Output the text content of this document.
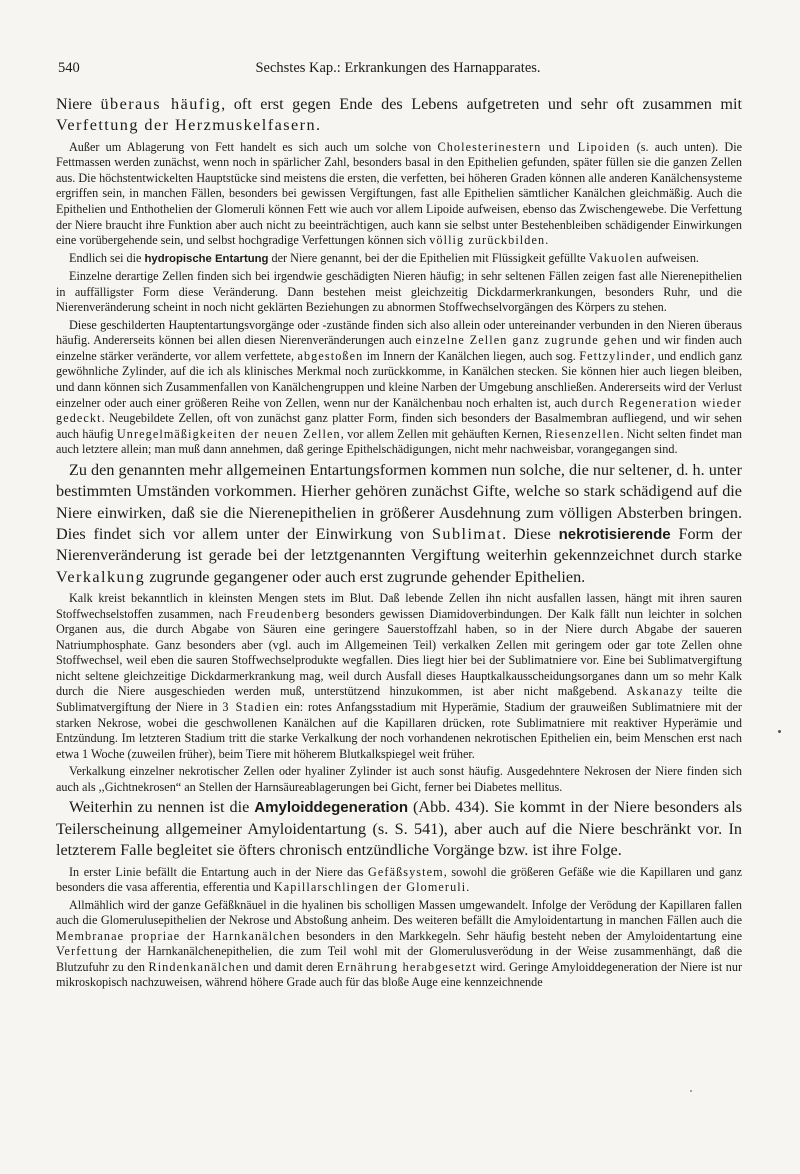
540	Sechstes Kap.: Erkrankungen des Harnapparates.

Niere überaus häufig, oft erst gegen Ende des Lebens aufgetreten und sehr oft zusammen mit Verfettung der Herzmuskelfasern.

Außer um Ablagerung von Fett handelt es sich auch um solche von Cholesterinestern und Lipoiden (s. auch unten). Die Fettmassen werden zunächst, wenn noch in spärlicher Zahl, besonders basal in den Epithelien gefunden, später füllen sie die ganzen Zellen aus. Die höchstentwickelten Hauptstücke sind meistens die ersten, die verfetten, bei höheren Graden können alle anderen Kanälchensysteme ergriffen sein, in manchen Fällen, besonders bei gewissen Vergiftungen, fast alle Epithelien sämtlicher Kanälchen gleichmäßig. Auch die Epithelien und Enthothelien der Glomeruli können Fett wie auch vor allem Lipoide aufweisen, ebenso das Zwischengewebe. Die Verfettung der Niere braucht ihre Funktion aber auch nicht zu beeinträchtigen, auch kann sie selbst unter Bestehenbleiben schädigender Einwirkungen eine vorübergehende sein, und selbst hochgradige Verfettungen können sich völlig zurückbilden.

Endlich sei die hydropische Entartung der Niere genannt, bei der die Epithelien mit Flüssigkeit gefüllte Vakuolen aufweisen.

Einzelne derartige Zellen finden sich bei irgendwie geschädigten Nieren häufig; in sehr seltenen Fällen zeigen fast alle Nierenepithelien in auffälligster Form diese Veränderung. Dann bestehen meist gleichzeitig Dickdarmerkrankungen, besonders Ruhr, und die Nierenveränderung scheint in noch nicht geklärten Beziehungen zu abnormen Stoffwechselvorgängen des Körpers zu stehen.

Diese geschilderten Hauptentartungsvorgänge oder -zustände finden sich also allein oder untereinander verbunden in den Nieren überaus häufig. Andererseits können bei allen diesen Nierenveränderungen auch einzelne Zellen ganz zugrunde gehen und wir finden auch einzelne stärker veränderte, vor allem verfettete, abgestoßen im Innern der Kanälchen liegen, auch sog. Fettzylinder, und endlich ganz gewöhnliche Zylinder, auf die ich als klinisches Merkmal noch zurückkomme, in Kanälchen stecken. Sie können hier auch liegen bleiben, und dann können sich Zusammenfallen von Kanälchengruppen und kleine Narben der Umgebung anschließen. Andererseits wird der Verlust einzelner oder auch einer größeren Reihe von Zellen, wenn nur der Kanälchenbau noch erhalten ist, auch durch Regeneration wieder gedeckt. Neugebildete Zellen, oft von zunächst ganz platter Form, finden sich besonders der Basalmembran aufliegend, und wir sehen auch häufig Unregelmäßigkeiten der neuen Zellen, vor allem Zellen mit gehäuften Kernen, Riesenzellen. Nicht selten findet man auch letztere allein; man muß dann annehmen, daß geringe Epithelschädigungen, nicht mehr nachweisbar, vorangegangen sind.

Zu den genannten mehr allgemeinen Entartungsformen kommen nun solche, die nur seltener, d. h. unter bestimmten Umständen vorkommen. Hierher gehören zunächst Gifte, welche so stark schädigend auf die Niere einwirken, daß sie die Nierenepithelien in größerer Ausdehnung zum völligen Absterben bringen. Dies findet sich vor allem unter der Einwirkung von Sublimat. Diese nekrotisierende Form der Nierenveränderung ist gerade bei der letztgenannten Vergiftung weiterhin gekennzeichnet durch starke Verkalkung zugrunde gegangener oder auch erst zugrunde gehender Epithelien.

Kalk kreist bekanntlich in kleinsten Mengen stets im Blut. Daß lebende Zellen ihn nicht ausfallen lassen, hängt mit ihren sauren Stoffwechselstoffen zusammen, nach Freudenberg besonders gewissen Diamidoverbindungen. Der Kalk fällt nun leichter in solchen Organen aus, die durch Abgabe von Säuren eine geringere Sauerstoffzahl haben, so in der Niere durch Abgabe der saueren Natriumphosphate. Ganz besonders aber (vgl. auch im Allgemeinen Teil) verkalken Zellen mit geringem oder gar tote Zellen ohne Stoffwechsel, weil eben die sauren Stoffwechselprodukte wegfallen. Dies liegt hier bei der Sublimatniere vor. Eine bei Sublimatvergiftung nicht seltene gleichzeitige Dickdarmerkrankung mag, weil durch Ausfall dieses Hauptkalkausscheidungsorganes dann um so mehr Kalk durch die Niere ausgeschieden werden muß, unterstützend hinzukommen, ist aber nicht maßgebend. Askanazy teilte die Sublimatvergiftung der Niere in 3 Stadien ein: rotes Anfangsstadium mit Hyperämie, Stadium der grauweißen Sublimatniere mit der starken Nekrose, wobei die geschwollenen Kanälchen auf die Kapillaren drücken, rote Sublimatniere mit reaktiver Hyperämie und Entzündung. Im letzteren Stadium tritt die starke Verkalkung der noch vorhandenen nekrotischen Epithelien ein, beim Menschen erst nach etwa 1 Woche (zuweilen früher), beim Tiere mit höherem Blutkalkspiegel weit früher.

Verkalkung einzelner nekrotischer Zellen oder hyaliner Zylinder ist auch sonst häufig. Ausgedehntere Nekrosen der Niere finden sich auch als ,,Gichtnekrosen“ an Stellen der Harnsäureablagerungen bei Gicht, ferner bei Diabetes mellitus.

Weiterhin zu nennen ist die Amyloiddegeneration (Abb. 434). Sie kommt in der Niere besonders als Teilerscheinung allgemeiner Amyloidentartung (s. S. 541), aber auch auf die Niere beschränkt vor. In letzterem Falle begleitet sie öfters chronisch entzündliche Vorgänge bzw. ist ihre Folge.

In erster Linie befällt die Entartung auch in der Niere das Gefäßsystem, sowohl die größeren Gefäße wie die Kapillaren und ganz besonders die vasa afferentia, efferentia und Kapillarschlingen der Glomeruli.

Allmählich wird der ganze Gefäßknäuel in die hyalinen bis scholligen Massen umgewandelt. Infolge der Verödung der Kapillaren fallen auch die Glomerulusepithelien der Nekrose und Abstoßung anheim. Des weiteren befällt die Amyloidentartung in manchen Fällen auch die Membranae propriae der Harnkanälchen besonders in den Markkegeln. Sehr häufig besteht neben der Amyloidentartung eine Verfettung der Harnkanälchenepithelien, die zum Teil wohl mit der Glomerulusverödung in der Weise zusammenhängt, daß die Blutzufuhr zu den Rindenkanälchen und damit deren Ernährung herabgesetzt wird. Geringe Amyloiddegeneration der Niere ist nur mikroskopisch nachzuweisen, während höhere Grade auch für das bloße Auge eine kennzeichnende
